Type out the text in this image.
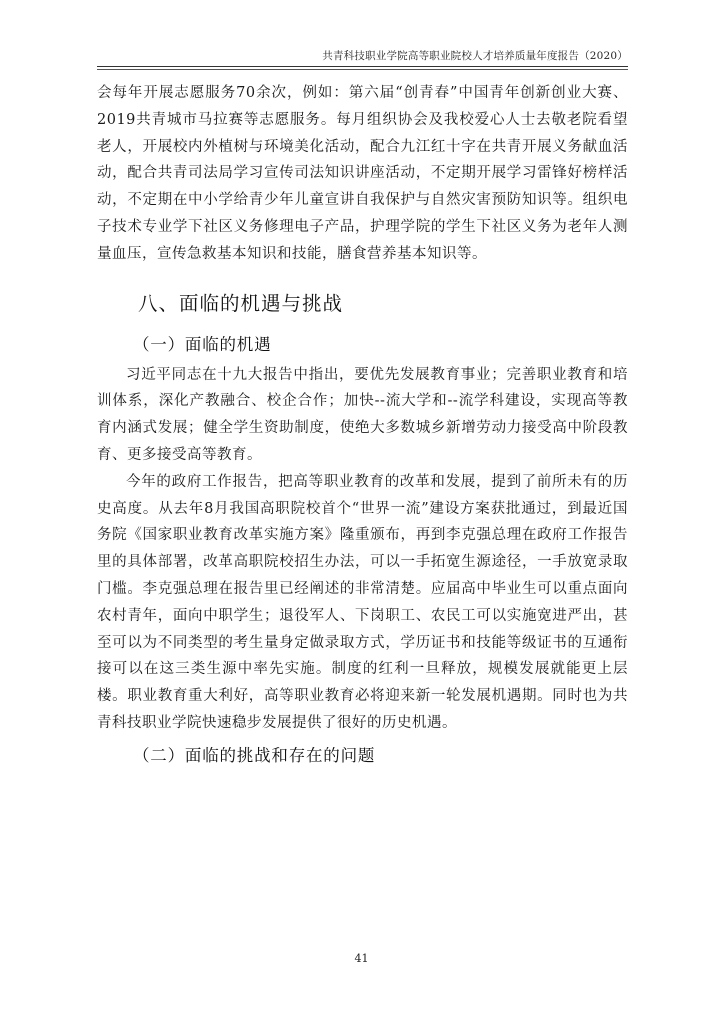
共青科技职业学院高等职业院校人才培养质量年度报告（2020）

会每年开展志愿服务70余次，例如：第六届“创青春”中国青年创新创业大赛、2019共青城市马拉赛等志愿服务。每月组织协会及我校爱心人士去敬老院看望老人，开展校内外植树与环境美化活动，配合九江红十字在共青开展义务献血活动，配合共青司法局学习宣传司法知识讲座活动，不定期开展学习雷锋好榜样活动，不定期在中小学给青少年儿童宣讲自我保护与自然灾害预防知识等。组织电子技术专业学下社区义务修理电子产品，护理学院的学生下社区义务为老年人测量血压，宣传急救基本知识和技能，膳食营养基本知识等。

八、面临的机遇与挑战
（一）面临的机遇

习近平同志在十九大报告中指出，要优先发展教育事业；完善职业教育和培训体系，深化产教融合、校企合作；加快--流大学和--流学科建设，实现高等教育内涵式发展；健全学生资助制度，使绝大多数城乡新增劳动力接受高中阶段教育、更多接受高等教育。

今年的政府工作报告，把高等职业教育的改革和发展，提到了前所未有的历史高度。从去年8月我国高职院校首个“世界一流”建设方案获批通过，到最近国务院《国家职业教育改革实施方案》隆重颁布，再到李克强总理在政府工作报告里的具体部署，改革高职院校招生办法，可以一手拓宽生源途径，一手放宽录取门槛。李克强总理在报告里已经阐述的非常清楚。应届高中毕业生可以重点面向农村青年，面向中职学生；退役军人、下岗职工、农民工可以实施宽进严出，甚至可以为不同类型的考生量身定做录取方式，学历证书和技能等级证书的互通衔接可以在这三类生源中率先实施。制度的红利一旦释放，规模发展就能更上层楼。职业教育重大利好，高等职业教育必将迎来新一轮发展机遇期。同时也为共青科技职业学院快速稳步发展提供了很好的历史机遇。

（二）面临的挑战和存在的问题
41
